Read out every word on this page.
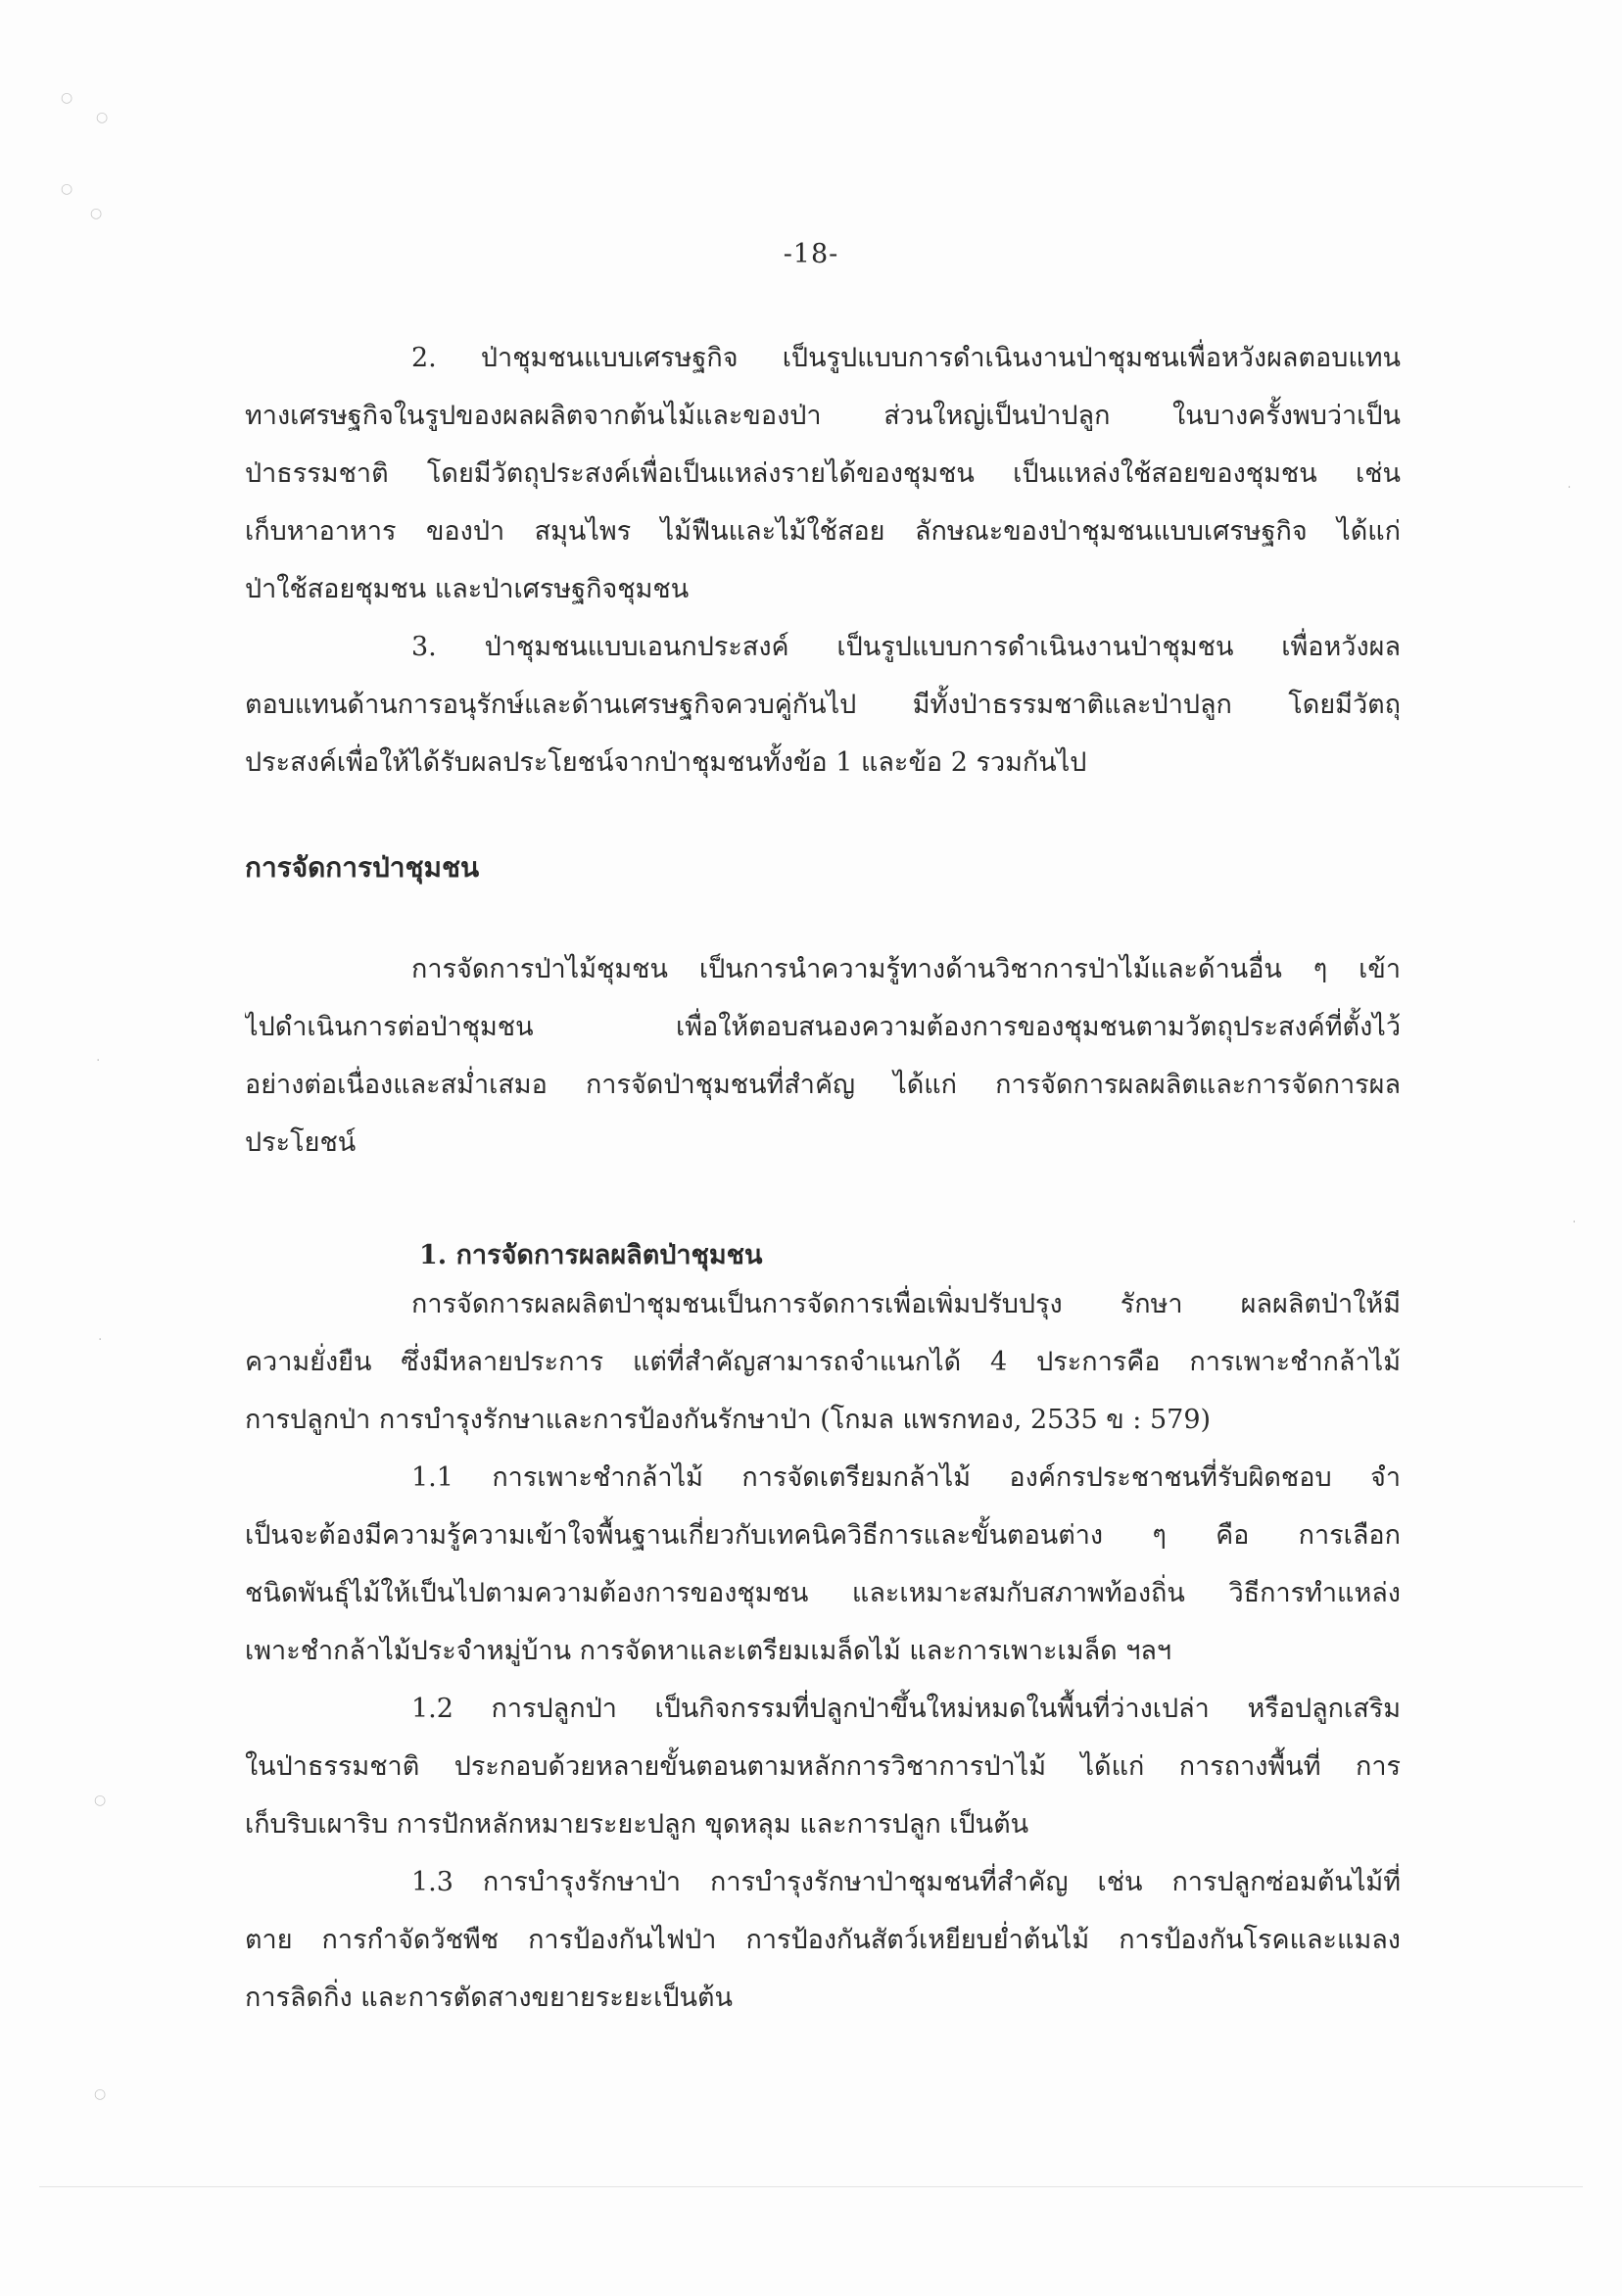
○
○
○
○
·
·
○
○
·
·
-18-
2. ป่าชุมชนแบบเศรษฐกิจ เป็นรูปแบบการดำเนินงานป่าชุมชนเพื่อหวังผลตอบแทน
ทางเศรษฐกิจในรูปของผลผลิตจากต้นไม้และของป่า ส่วนใหญ่เป็นป่าปลูก ในบางครั้งพบว่าเป็น
ป่าธรรมชาติ โดยมีวัตถุประสงค์เพื่อเป็นแหล่งรายได้ของชุมชน เป็นแหล่งใช้สอยของชุมชน เช่น
เก็บหาอาหาร ของป่า สมุนไพร ไม้ฟืนและไม้ใช้สอย ลักษณะของป่าชุมชนแบบเศรษฐกิจ ได้แก่
ป่าใช้สอยชุมชน และป่าเศรษฐกิจชุมชน
3. ป่าชุมชนแบบเอนกประสงค์ เป็นรูปแบบการดำเนินงานป่าชุมชน เพื่อหวังผล
ตอบแทนด้านการอนุรักษ์และด้านเศรษฐกิจควบคู่กันไป มีทั้งป่าธรรมชาติและป่าปลูก โดยมีวัตถุ
ประสงค์เพื่อให้ได้รับผลประโยชน์จากป่าชุมชนทั้งข้อ 1 และข้อ 2 รวมกันไป
การจัดการป่าชุมชน
การจัดการป่าไม้ชุมชน เป็นการนำความรู้ทางด้านวิชาการป่าไม้และด้านอื่น ๆ เข้า
ไปดำเนินการต่อป่าชุมชน เพื่อให้ตอบสนองความต้องการของชุมชนตามวัตถุประสงค์ที่ตั้งไว้
อย่างต่อเนื่องและสม่ำเสมอ การจัดป่าชุมชนที่สำคัญ ได้แก่ การจัดการผลผลิตและการจัดการผล
ประโยชน์
1. การจัดการผลผลิตป่าชุมชน
การจัดการผลผลิตป่าชุมชนเป็นการจัดการเพื่อเพิ่มปรับปรุง รักษา ผลผลิตป่าให้มี
ความยั่งยืน ซึ่งมีหลายประการ แต่ที่สำคัญสามารถจำแนกได้ 4 ประการคือ การเพาะชำกล้าไม้
การปลูกป่า การบำรุงรักษาและการป้องกันรักษาป่า (โกมล แพรกทอง, 2535 ข : 579)
1.1 การเพาะชำกล้าไม้ การจัดเตรียมกล้าไม้ องค์กรประชาชนที่รับผิดชอบ จำ
เป็นจะต้องมีความรู้ความเข้าใจพื้นฐานเกี่ยวกับเทคนิควิธีการและขั้นตอนต่าง ๆ คือ การเลือก
ชนิดพันธุ์ไม้ให้เป็นไปตามความต้องการของชุมชน และเหมาะสมกับสภาพท้องถิ่น วิธีการทำแหล่ง
เพาะชำกล้าไม้ประจำหมู่บ้าน การจัดหาและเตรียมเมล็ดไม้ และการเพาะเมล็ด ฯลฯ
1.2 การปลูกป่า เป็นกิจกรรมที่ปลูกป่าขึ้นใหม่หมดในพื้นที่ว่างเปล่า หรือปลูกเสริม
ในป่าธรรมชาติ ประกอบด้วยหลายขั้นตอนตามหลักการวิชาการป่าไม้ ได้แก่ การถางพื้นที่ การ
เก็บริบเผาริบ การปักหลักหมายระยะปลูก ขุดหลุม และการปลูก เป็นต้น
1.3 การบำรุงรักษาป่า การบำรุงรักษาป่าชุมชนที่สำคัญ เช่น การปลูกซ่อมต้นไม้ที่
ตาย การกำจัดวัชพืช การป้องกันไฟป่า การป้องกันสัตว์เหยียบย่ำต้นไม้ การป้องกันโรคและแมลง
การลิดกิ่ง และการตัดสางขยายระยะเป็นต้น
